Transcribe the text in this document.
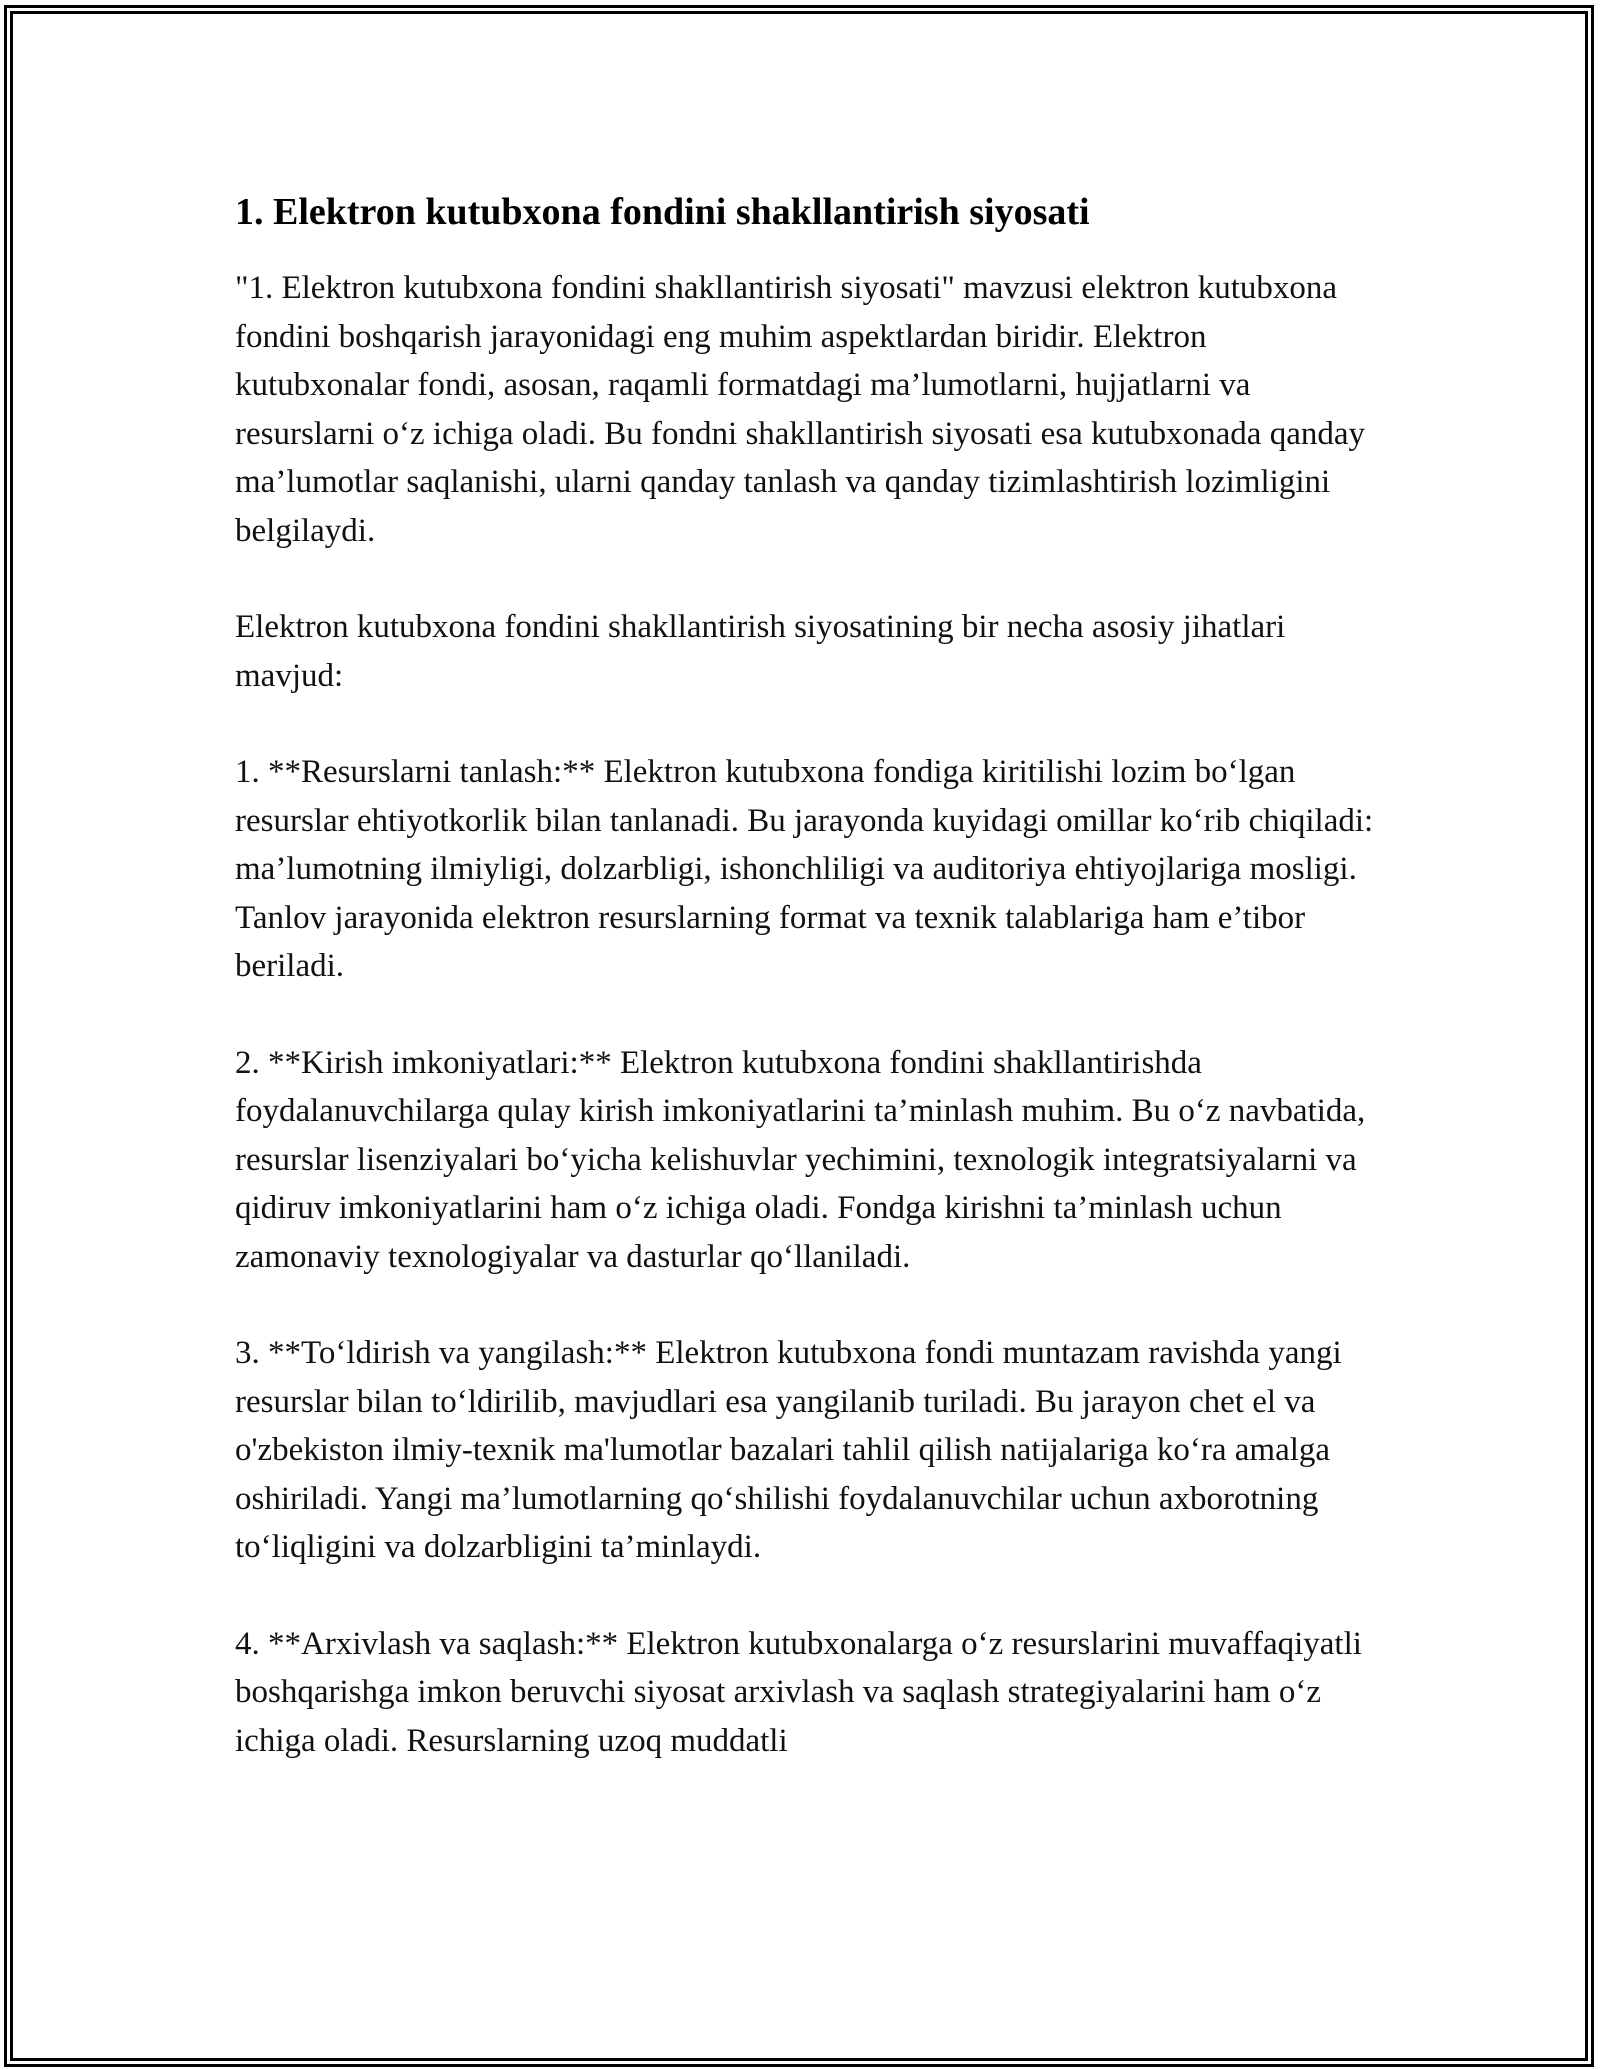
1. Elektron kutubxona fondini shakllantirish siyosati

"1. Elektron kutubxona fondini shakllantirish siyosati" mavzusi elektron kutubxona fondini boshqarish jarayonidagi eng muhim aspektlardan biridir. Elektron kutubxonalar fondi, asosan, raqamli formatdagi ma’lumotlarni, hujjatlarni va resurslarni o‘z ichiga oladi. Bu fondni shakllantirish siyosati esa kutubxonada qanday ma’lumotlar saqlanishi, ularni qanday tanlash va qanday tizimlashtirish lozimligini belgilaydi.

Elektron kutubxona fondini shakllantirish siyosatining bir necha asosiy jihatlari mavjud:

1. **Resurslarni tanlash:** Elektron kutubxona fondiga kiritilishi lozim bo‘lgan resurslar ehtiyotkorlik bilan tanlanadi. Bu jarayonda kuyidagi omillar ko‘rib chiqiladi: ma’lumotning ilmiyligi, dolzarbligi, ishonchliligi va auditoriya ehtiyojlariga mosligi. Tanlov jarayonida elektron resurslarning format va texnik talablariga ham e’tibor beriladi.

2. **Kirish imkoniyatlari:** Elektron kutubxona fondini shakllantirishda foydalanuvchilarga qulay kirish imkoniyatlarini ta’minlash muhim. Bu o‘z navbatida, resurslar lisenziyalari bo‘yicha kelishuvlar yechimini, texnologik integratsiyalarni va qidiruv imkoniyatlarini ham o‘z ichiga oladi. Fondga kirishni ta’minlash uchun zamonaviy texnologiyalar va dasturlar qo‘llaniladi.

3. **To‘ldirish va yangilash:** Elektron kutubxona fondi muntazam ravishda yangi resurslar bilan to‘ldirilib, mavjudlari esa yangilanib turiladi. Bu jarayon chet el va o'zbekiston ilmiy-texnik ma'lumotlar bazalari tahlil qilish natijalariga ko‘ra amalga oshiriladi. Yangi ma’lumotlarning qo‘shilishi foydalanuvchilar uchun axborotning to‘liqligini va dolzarbligini ta’minlaydi.

4. **Arxivlash va saqlash:** Elektron kutubxonalarga o‘z resurslarini muvaffaqiyatli boshqarishga imkon beruvchi siyosat arxivlash va saqlash strategiyalarini ham o‘z ichiga oladi. Resurslarning uzoq muddatli
